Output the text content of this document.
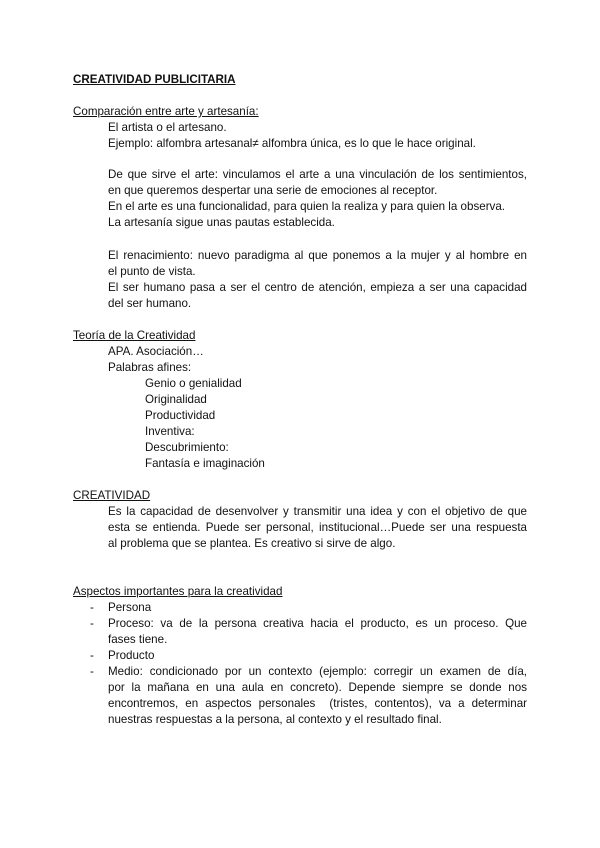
CREATIVIDAD PUBLICITARIA
Comparación entre arte y artesanía:
El artista o el artesano.
Ejemplo: alfombra artesanal≠ alfombra única, es lo que le hace original.
De que sirve el arte: vinculamos el arte a una vinculación de los sentimientos,
en que queremos despertar una serie de emociones al receptor.
En el arte es una funcionalidad, para quien la realiza y para quien la observa.
La artesanía sigue unas pautas establecida.
El renacimiento: nuevo paradigma al que ponemos a la mujer y al hombre en
el punto de vista.
El ser humano pasa a ser el centro de atención, empieza a ser una capacidad
del ser humano.
Teoría de la Creatividad
APA. Asociación…
Palabras afines:
Genio o genialidad
Originalidad
Productividad
Inventiva:
Descubrimiento:
Fantasía e imaginación
CREATIVIDAD
Es la capacidad de desenvolver y transmitir una idea y con el objetivo de que
esta se entienda. Puede ser personal, institucional…Puede ser una respuesta
al problema que se plantea. Es creativo si sirve de algo.
Aspectos importantes para la creatividad
- Persona
- Proceso: va de la persona creativa hacia el producto, es un proceso. Que
fases tiene.
- Producto
- Medio: condicionado por un contexto (ejemplo: corregir un examen de día,
por la mañana en una aula en concreto). Depende siempre se donde nos
encontremos, en aspectos personales  (tristes, contentos), va a determinar
nuestras respuestas a la persona, al contexto y el resultado final.
